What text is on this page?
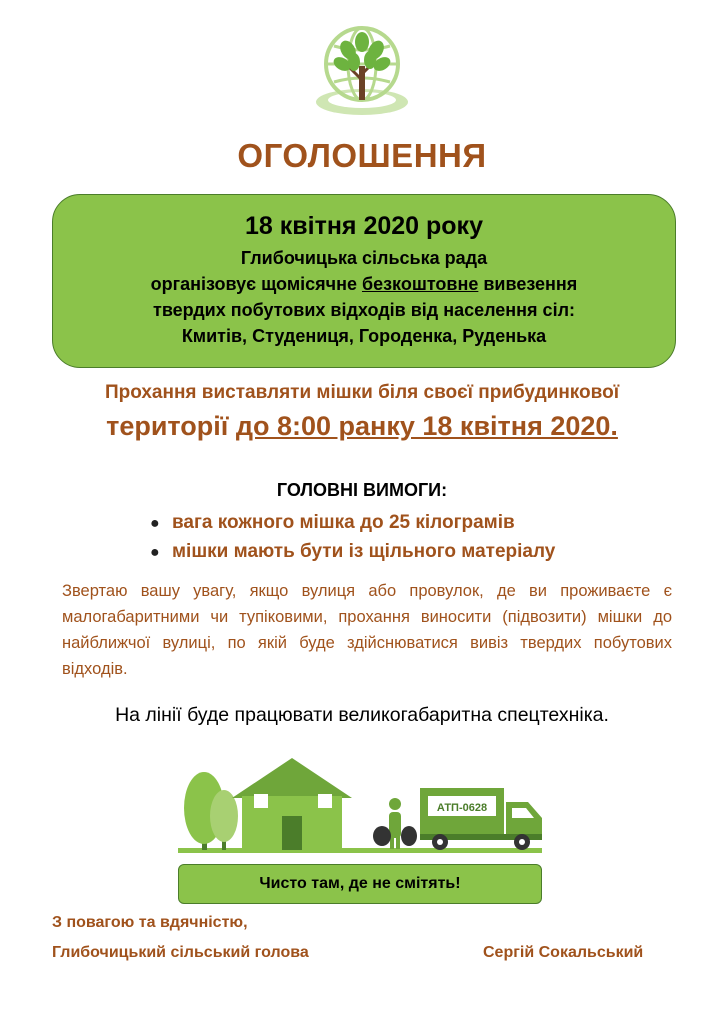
ОГОЛОШЕННЯ
18 квітня 2020 року
Глибочицька сільська рада
організовує щомісячне безкоштовне вивезення
твердих побутових відходів від населення сіл:
Кмитів, Студениця, Городенка, Руденька
Прохання виставляти мішки біля своєї прибудинкової
території до 8:00 ранку 18 квітня 2020.
ГОЛОВНІ ВИМОГИ:
● вага кожного мішка до 25 кілограмів
● мішки мають бути із щільного матеріалу
Звертаю вашу увагу, якщо вулиця або провулок, де ви проживаєте є малогабаритними чи тупіковими, прохання виносити (підвозити) мішки до найближчої вулиці, по якій буде здійснюватися вивіз твердих побутових відходів.
На лінії буде працювати великогабаритна спецтехніка.
АТП-0628
Чисто там, де не смітять!
З повагою та вдячністю,
Глибочицький сільський голова	Сергій Сокальський
